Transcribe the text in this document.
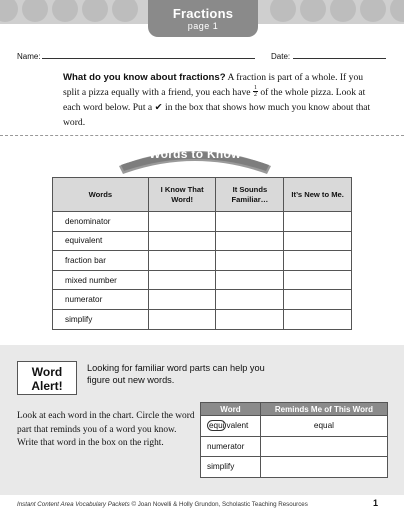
Fractions
page 1
Name:	Date:
What do you know about fractions? A fraction is part of a whole. If you split a pizza equally with a friend, you each have $\frac{1}{2}$ of the whole pizza. Look at each word below. Put a ✔ in the box that shows how much you know about that word.
Words to Know
Words	I Know That Word!	It Sounds Familiar…	It’s New to Me.
denominator			
equivalent			
fraction bar			
mixed number			
numerator			
simplify			
Word
Alert!
Looking for familiar word parts can help you figure out new words.
Look at each word in the chart. Circle the word part that reminds you of a word you know. Write that word in the box on the right.
Word	Reminds Me of This Word
equi valent	equal
numerator	
simplify	
Instant Content Area Vocabulary Packets © Joan Novelli & Holly Grundon, Scholastic Teaching Resources	1
